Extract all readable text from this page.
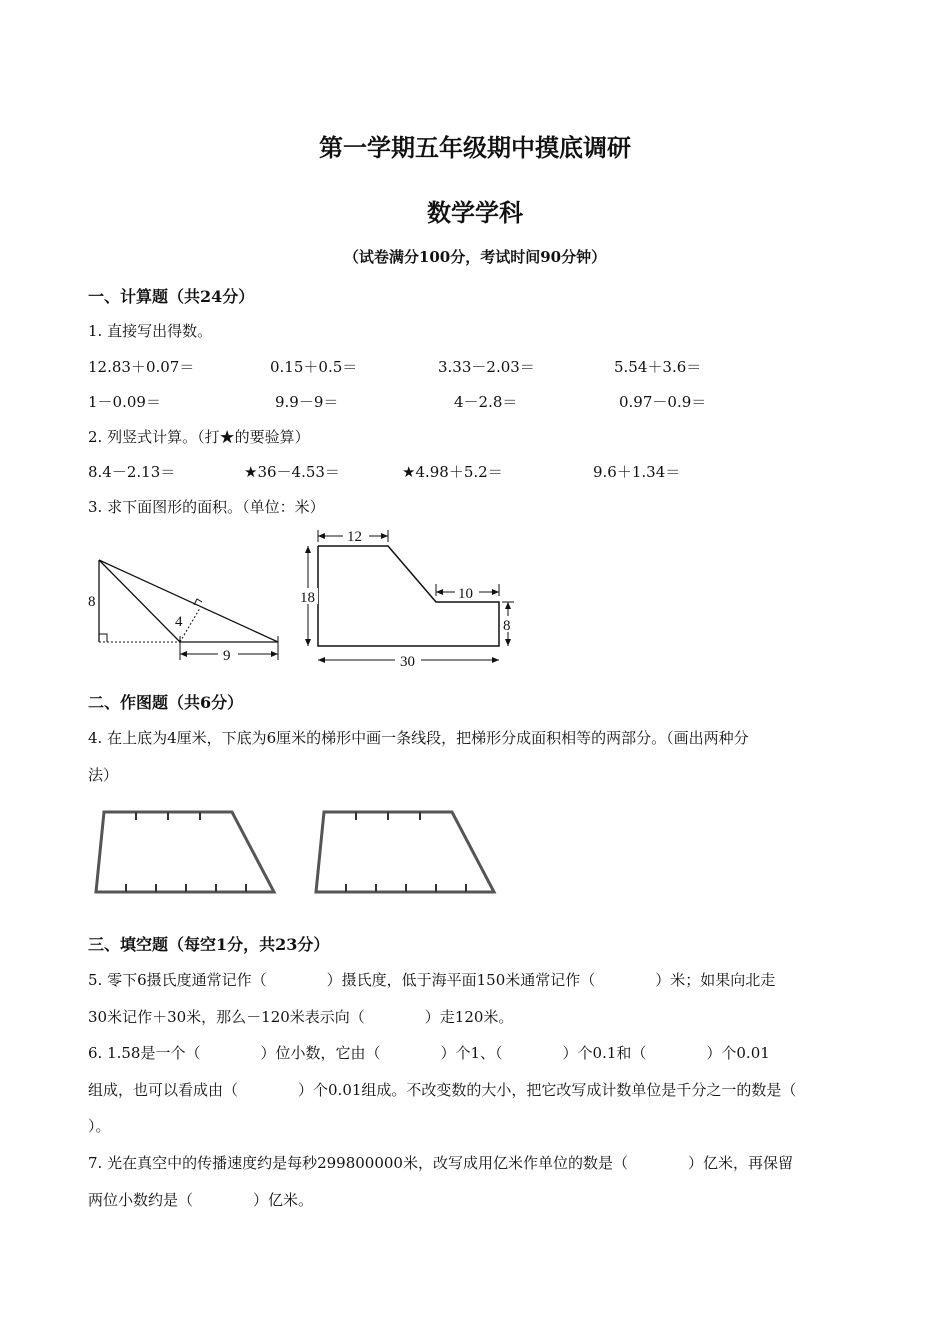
第一学期五年级期中摸底调研
数学学科
（试卷满分100分，考试时间90分钟）
一、计算题（共24分）
1. 直接写出得数。
12.83＋0.07＝	0.15＋0.5＝	3.33－2.03＝	5.54＋3.6＝
1－0.09＝	9.9－9＝	4－2.8＝	0.97－0.9＝
2. 列竖式计算。（打★的要验算）
8.4－2.13＝	★36－4.53＝	★4.98＋5.2＝	9.6＋1.34＝
3. 求下面图形的面积。（单位：米）
8
4
9
12
18	10
8
30
二、作图题（共6分）
4. 在上底为4厘米，下底为6厘米的梯形中画一条线段，把梯形分成面积相等的两部分。（画出两种分
法）
三、填空题（每空1分，共23分）
5. 零下6摄氏度通常记作（　　　　）摄氏度，低于海平面150米通常记作（　　　　）米；如果向北走
30米记作＋30米，那么－120米表示向（　　　　）走120米。
6. 1.58是一个（　　　　）位小数，它由（　　　　）个1、（　　　　）个0.1和（　　　　）个0.01
组成，也可以看成由（　　　　）个0.01组成。不改变数的大小，把它改写成计数单位是千分之一的数是（
）。
7. 光在真空中的传播速度约是每秒299800000米，改写成用亿米作单位的数是（　　　　）亿米，再保留
两位小数约是（　　　　）亿米。
